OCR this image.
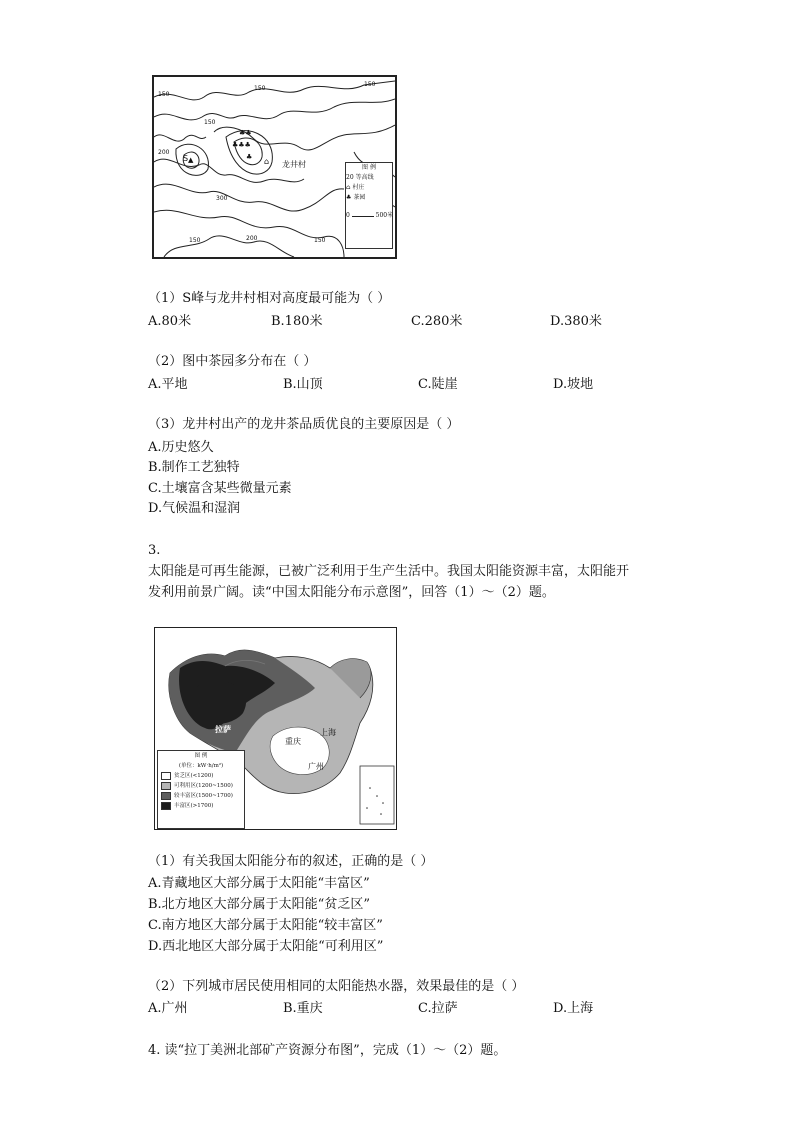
S ▲	龙井村
⌂
♣♣
♣♣♣
♣
150
150
150
200
300
150	200	150
150
图 例
20 等高线
⌂ 村庄
♣ 茶园
0	500米
（1）S峰与龙井村相对高度最可能为（ ）
A.80米	B.180米	C.280米	D.380米
（2）图中茶园多分布在（ ）
A.平地	B.山顶	C.陡崖	D.坡地
（3）龙井村出产的龙井茶品质优良的主要原因是（ ）
A.历史悠久
B.制作工艺独特
C.土壤富含某些微量元素
D.气候温和湿润
3.
太阳能是可再生能源，已被广泛利用于生产生活中。我国太阳能资源丰富，太阳能开
发利用前景广阔。读“中国太阳能分布示意图”，回答（1）～（2）题。
拉萨
重庆
上海
广州
图 例
(单位：kW·h/m²)
贫乏区(<1200)
可利用区(1200~1500)
较丰富区(1500~1700)
丰富区(>1700)
（1）有关我国太阳能分布的叙述，正确的是（ ）
A.青藏地区大部分属于太阳能“丰富区”
B.北方地区大部分属于太阳能“贫乏区”
C.南方地区大部分属于太阳能“较丰富区”
D.西北地区大部分属于太阳能“可利用区”
（2）下列城市居民使用相同的太阳能热水器，效果最佳的是（ ）
A.广州	B.重庆	C.拉萨	D.上海
4. 读“拉丁美洲北部矿产资源分布图”，完成（1）～（2）题。
